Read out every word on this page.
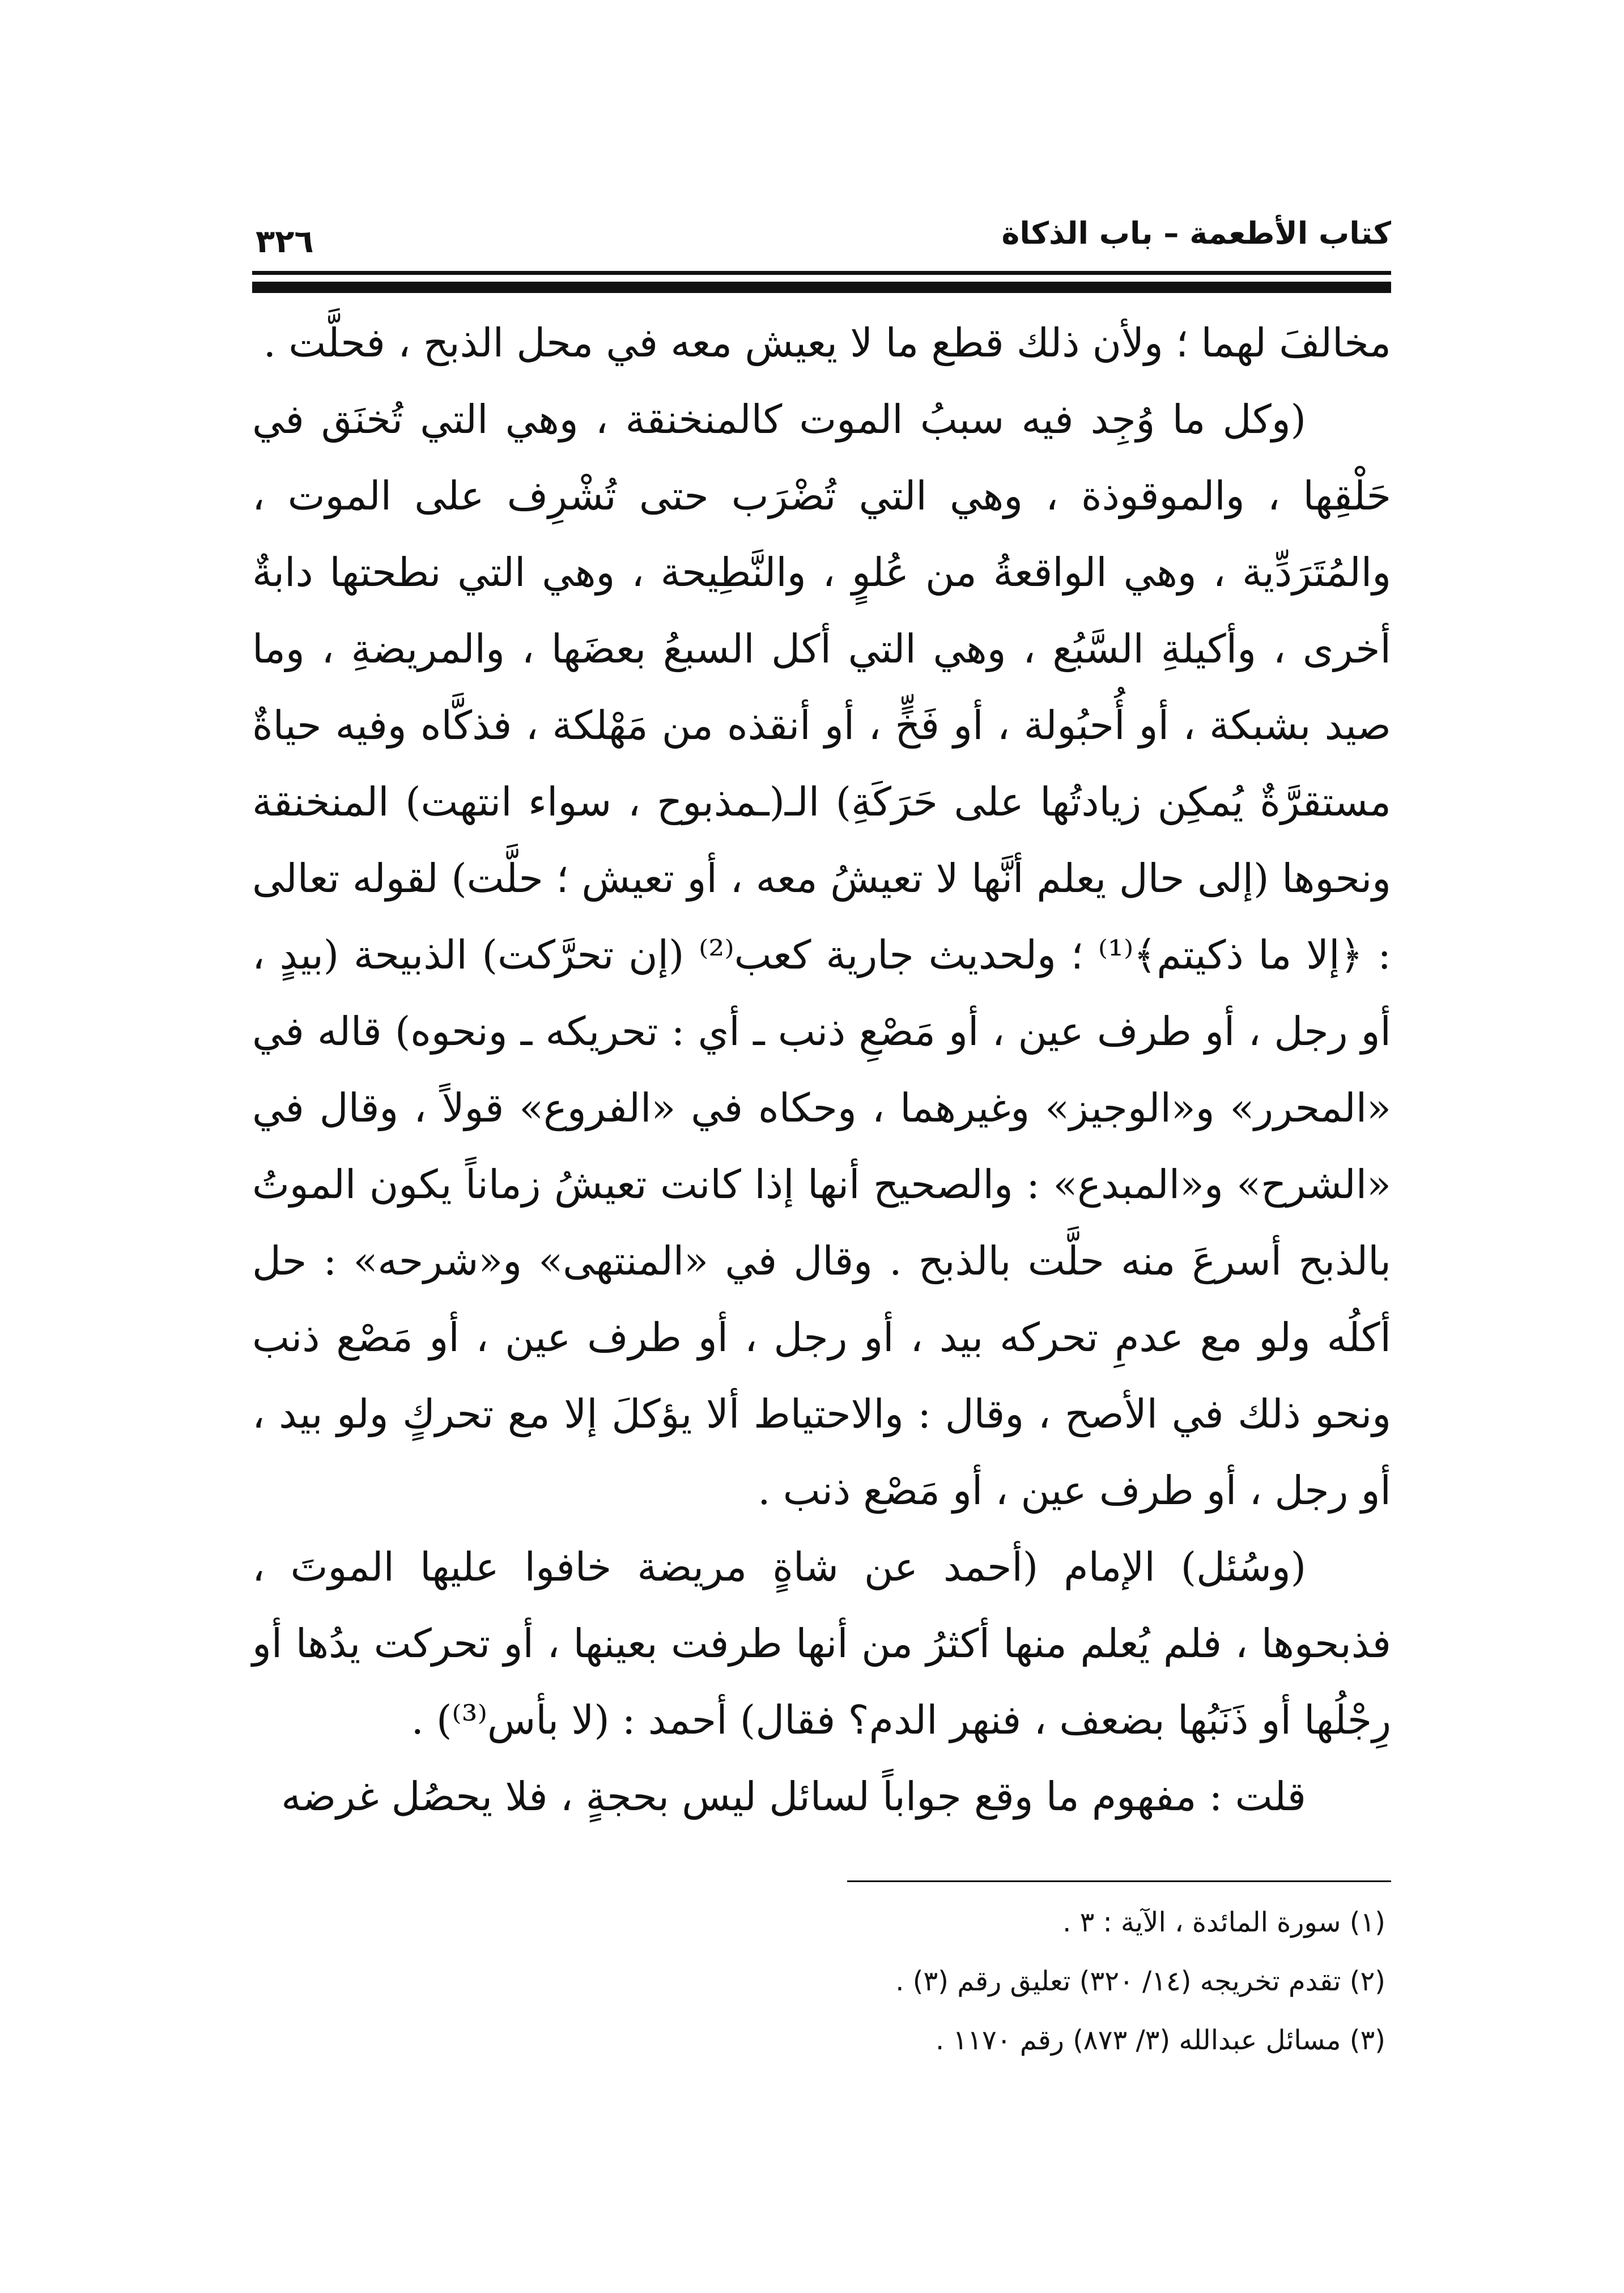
كتاب الأطعمة – باب الذكاة
٣٢٦

مخالفَ لهما ؛ ولأن ذلك قطع ما لا يعيش معه في محل الذبح ، فحلَّت .

(وكل ما وُجِد فيه سببُ الموت كالمنخنقة ، وهي التي تُخنَق في حَلْقِها ، والموقوذة ، وهي التي تُضْرَب حتى تُشْرِف على الموت ، والمُتَرَدِّية ، وهي الواقعةُ من عُلوٍ ، والنَّطِيحة ، وهي التي نطحتها دابةٌ أخرى ، وأكيلةِ السَّبُع ، وهي التي أكل السبعُ بعضَها ، والمريضةِ ، وما صيد بشبكة ، أو أُحبُولة ، أو فَخٍّ ، أو أنقذه من مَهْلكة ، فذكَّاه وفيه حياةٌ مستقرَّةٌ يُمكِن زيادتُها على حَرَكَةِ) الـ(ـمذبوح ، سواء انتهت) المنخنقة ونحوها (إلى حال يعلم أنَّها لا تعيشُ معه ، أو تعيش ؛ حلَّت) لقوله تعالى : ﴿إلا ما ذكيتم﴾⁽¹⁾ ؛ ولحديث جارية كعب⁽²⁾ (إن تحرَّكت) الذبيحة (بيدٍ ، أو رجل ، أو طرف عين ، أو مَصْعِ ذنب ـ أي : تحريكه ـ ونحوه) قاله في «المحرر» و«الوجيز» وغيرهما ، وحكاه في «الفروع» قولاً ، وقال في «الشرح» و«المبدع» : والصحيح أنها إذا كانت تعيشُ زماناً يكون الموتُ بالذبح أسرعَ منه حلَّت بالذبح . وقال في «المنتهى» و«شرحه» : حل أكلُه ولو مع عدمِ تحركه بيد ، أو رجل ، أو طرف عين ، أو مَصْع ذنب ونحو ذلك في الأصح ، وقال : والاحتياط ألا يؤكلَ إلا مع تحركٍ ولو بيد ، أو رجل ، أو طرف عين ، أو مَصْع ذنب .

(وسُئل) الإمام (أحمد عن شاةٍ مريضة خافوا عليها الموتَ ، فذبحوها ، فلم يُعلم منها أكثرُ من أنها طرفت بعينها ، أو تحركت يدُها أو رِجْلُها أو ذَنَبُها بضعف ، فنهر الدم؟ فقال) أحمد : (لا بأس⁽³⁾) .

قلت : مفهوم ما وقع جواباً لسائل ليس بحجةٍ ، فلا يحصُل غرضه

(١) سورة المائدة ، الآية : ٣ .

(٢) تقدم تخريجه (١٤/ ٣٢٠) تعليق رقم (٣) .

(٣) مسائل عبدالله (٣/ ٨٧٣) رقم ١١٧٠ .
